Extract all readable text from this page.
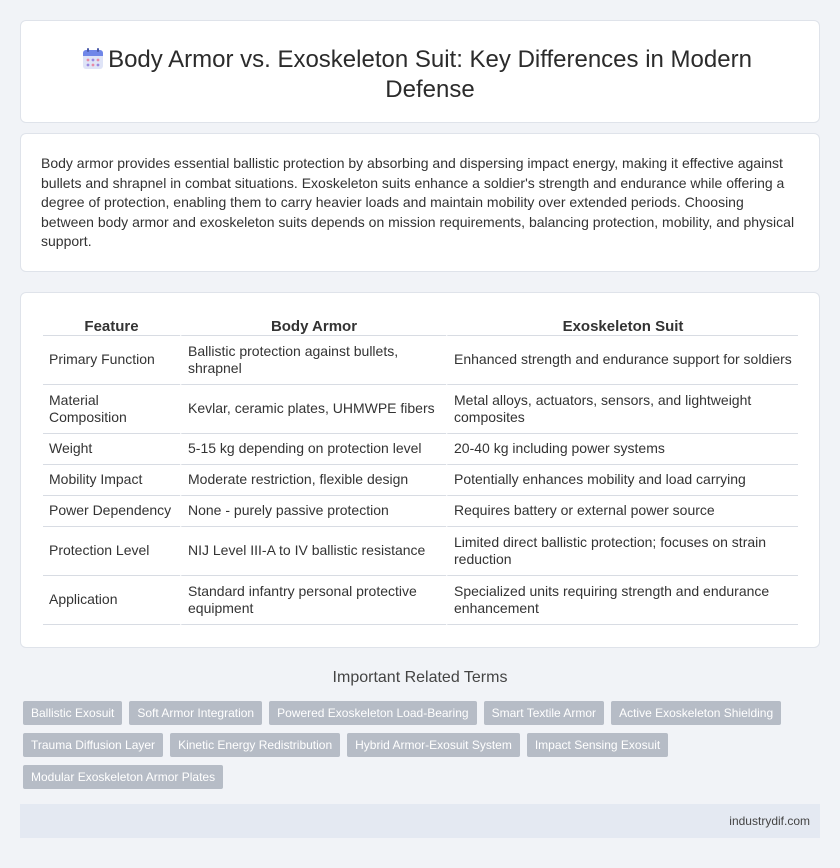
Body Armor vs. Exoskeleton Suit: Key Differences in Modern Defense

Body armor provides essential ballistic protection by absorbing and dispersing impact energy, making it effective against bullets and shrapnel in combat situations. Exoskeleton suits enhance a soldier's strength and endurance while offering a degree of protection, enabling them to carry heavier loads and maintain mobility over extended periods. Choosing between body armor and exoskeleton suits depends on mission requirements, balancing protection, mobility, and physical support.

Feature	Body Armor	Exoskeleton Suit
Primary Function	Ballistic protection against bullets, shrapnel	Enhanced strength and endurance support for soldiers
Material Composition	Kevlar, ceramic plates, UHMWPE fibers	Metal alloys, actuators, sensors, and lightweight composites
Weight	5-15 kg depending on protection level	20-40 kg including power systems
Mobility Impact	Moderate restriction, flexible design	Potentially enhances mobility and load carrying
Power Dependency	None - purely passive protection	Requires battery or external power source
Protection Level	NIJ Level III-A to IV ballistic resistance	Limited direct ballistic protection; focuses on strain reduction
Application	Standard infantry personal protective equipment	Specialized units requiring strength and endurance enhancement
Important Related Terms
Ballistic Exosuit	Soft Armor Integration	Powered Exoskeleton Load-Bearing	Smart Textile Armor	Active Exoskeleton Shielding
Trauma Diffusion Layer	Kinetic Energy Redistribution	Hybrid Armor-Exosuit System	Impact Sensing Exosuit
Modular Exoskeleton Armor Plates
industrydif.com
